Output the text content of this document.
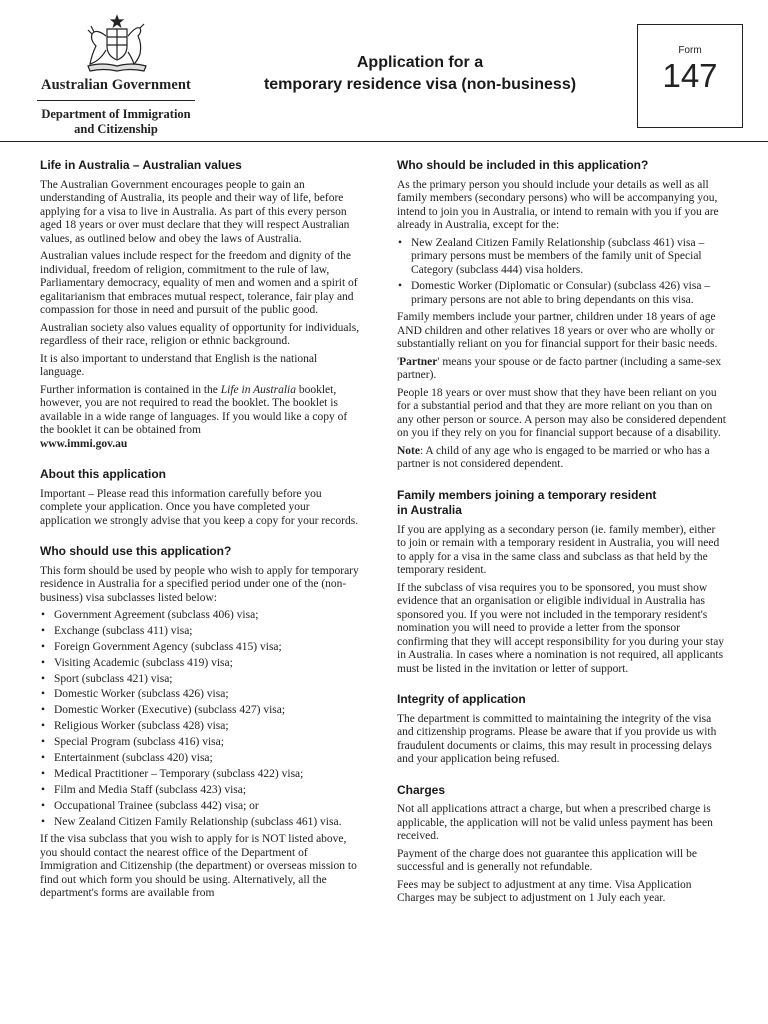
Australian Government
Department of Immigration
and Citizenship
Application for a
temporary residence visa (non-business)
Form
147
Life in Australia – Australian values

The Australian Government encourages people to gain an understanding of Australia, its people and their way of life, before applying for a visa to live in Australia. As part of this every person aged 18 years or over must declare that they will respect Australian values, as outlined below and obey the laws of Australia.

Australian values include respect for the freedom and dignity of the individual, freedom of religion, commitment to the rule of law, Parliamentary democracy, equality of men and women and a spirit of egalitarianism that embraces mutual respect, tolerance, fair play and compassion for those in need and pursuit of the public good.

Australian society also values equality of opportunity for individuals, regardless of their race, religion or ethnic background.

It is also important to understand that English is the national language.

Further information is contained in the Life in Australia booklet, however, you are not required to read the booklet. The booklet is available in a wide range of languages. If you would like a copy of the booklet it can be obtained from
www.immi.gov.au

About this application

Important – Please read this information carefully before you complete your application. Once you have completed your application we strongly advise that you keep a copy for your records.

Who should use this application?

This form should be used by people who wish to apply for temporary residence in Australia for a specified period under one of the (non-business) visa subclasses listed below:

• Government Agreement (subclass 406) visa;
• Exchange (subclass 411) visa;
• Foreign Government Agency (subclass 415) visa;
• Visiting Academic (subclass 419) visa;
• Sport (subclass 421) visa;
• Domestic Worker (subclass 426) visa;
• Domestic Worker (Executive) (subclass 427) visa;
• Religious Worker (subclass 428) visa;
• Special Program (subclass 416) visa;
• Entertainment (subclass 420) visa;
• Medical Practitioner – Temporary (subclass 422) visa;
• Film and Media Staff (subclass 423) visa;
• Occupational Trainee (subclass 442) visa; or
• New Zealand Citizen Family Relationship (subclass 461) visa.

If the visa subclass that you wish to apply for is NOT listed above, you should contact the nearest office of the Department of Immigration and Citizenship (the department) or overseas mission to find out which form you should be using. Alternatively, all the department's forms are available from

Who should be included in this application?

As the primary person you should include your details as well as all family members (secondary persons) who will be accompanying you, intend to join you in Australia, or intend to remain with you if you are already in Australia, except for the:

• New Zealand Citizen Family Relationship (subclass 461) visa – primary persons must be members of the family unit of Special Category (subclass 444) visa holders.
• Domestic Worker (Diplomatic or Consular) (subclass 426) visa – primary persons are not able to bring dependants on this visa.

Family members include your partner, children under 18 years of age AND children and other relatives 18 years or over who are wholly or substantially reliant on you for financial support for their basic needs.

'Partner' means your spouse or de facto partner (including a same-sex partner).

People 18 years or over must show that they have been reliant on you for a substantial period and that they are more reliant on you than on any other person or source. A person may also be considered dependent on you if they rely on you for financial support because of a disability.

Note: A child of any age who is engaged to be married or who has a partner is not considered dependent.

Family members joining a temporary resident
in Australia

If you are applying as a secondary person (ie. family member), either to join or remain with a temporary resident in Australia, you will need to apply for a visa in the same class and subclass as that held by the temporary resident.

If the subclass of visa requires you to be sponsored, you must show evidence that an organisation or eligible individual in Australia has sponsored you. If you were not included in the temporary resident's nomination you will need to provide a letter from the sponsor confirming that they will accept responsibility for you during your stay in Australia. In cases where a nomination is not required, all applicants must be listed in the invitation or letter of support.

Integrity of application

The department is committed to maintaining the integrity of the visa and citizenship programs. Please be aware that if you provide us with fraudulent documents or claims, this may result in processing delays and your application being refused.

Charges

Not all applications attract a charge, but when a prescribed charge is applicable, the application will not be valid unless payment has been received.

Payment of the charge does not guarantee this application will be successful and is generally not refundable.

Fees may be subject to adjustment at any time. Visa Application Charges may be subject to adjustment on 1 July each year.
